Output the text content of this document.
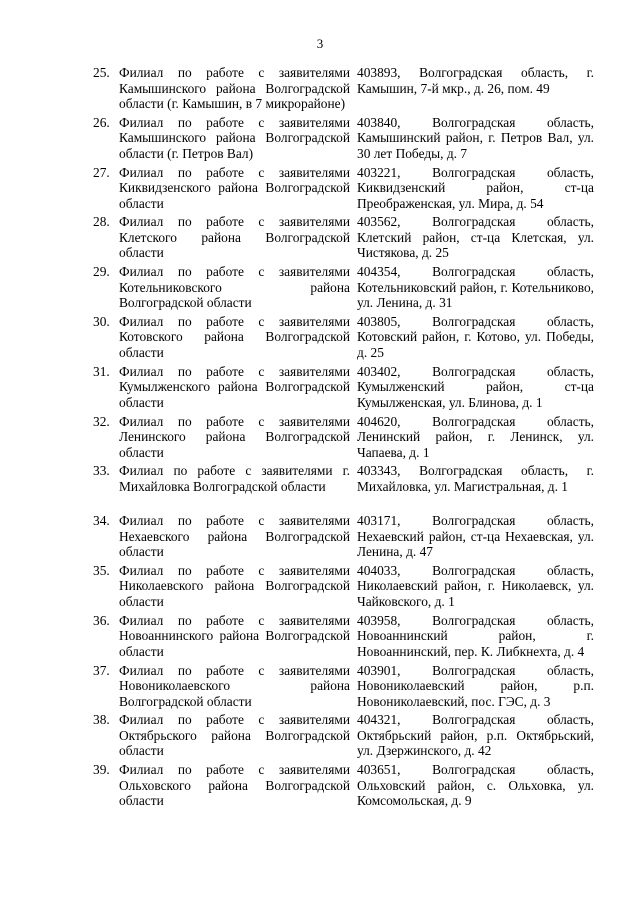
3
25. Филиал по работе с заявителями Камышинского района Волгоградской области (г. Камышин, в 7 микрорайоне)

403893, Волгоградская область, г. Камышин, 7-й мкр., д. 26, пом. 49

26. Филиал по работе с заявителями Камышинского района Волгоградской области (г. Петров Вал)

403840, Волгоградская область, Камышинский район, г. Петров Вал, ул. 30 лет Победы, д. 7

27. Филиал по работе с заявителями Киквидзенского района Волгоградской области

403221, Волгоградская область, Киквидзенский район, ст-ца Преображенская, ул. Мира, д. 54

28. Филиал по работе с заявителями Клетского района Волгоградской области

403562, Волгоградская область, Клетский район, ст-ца Клетская, ул. Чистякова, д. 25

29. Филиал по работе с заявителями Котельниковского района Волгоградской области

404354, Волгоградская область, Котельниковский район, г. Котельниково, ул. Ленина, д. 31

30. Филиал по работе с заявителями Котовского района Волгоградской области

403805, Волгоградская область, Котовский район, г. Котово, ул. Победы, д. 25

31. Филиал по работе с заявителями Кумылженского района Волгоградской области

403402, Волгоградская область, Кумылженский район, ст-ца Кумылженская, ул. Блинова, д. 1

32. Филиал по работе с заявителями Ленинского района Волгоградской области

404620, Волгоградская область, Ленинский район, г. Ленинск, ул. Чапаева, д. 1

33. Филиал по работе с заявителями г. Михайловка Волгоградской области

403343, Волгоградская область, г. Михайловка, ул. Магистральная, д. 1

34. Филиал по работе с заявителями Нехаевского района Волгоградской области

403171, Волгоградская область, Нехаевский район, ст-ца Нехаевская, ул. Ленина, д. 47

35. Филиал по работе с заявителями Николаевского района Волгоградской области

404033, Волгоградская область, Николаевский район, г. Николаевск, ул. Чайковского, д. 1

36. Филиал по работе с заявителями Новоаннинского района Волгоградской области

403958, Волгоградская область, Новоаннинский район, г. Новоаннинский, пер. К. Либкнехта, д. 4

37. Филиал по работе с заявителями Новониколаевского района Волгоградской области

403901, Волгоградская область, Новониколаевский район, р.п. Новониколаевский, пос. ГЭС, д. 3

38. Филиал по работе с заявителями Октябрьского района Волгоградской области

404321, Волгоградская область, Октябрьский район, р.п. Октябрьский, ул. Дзержинского, д. 42

39. Филиал по работе с заявителями Ольховского района Волгоградской области

403651, Волгоградская область, Ольховский район, с. Ольховка, ул. Комсомольская, д. 9
